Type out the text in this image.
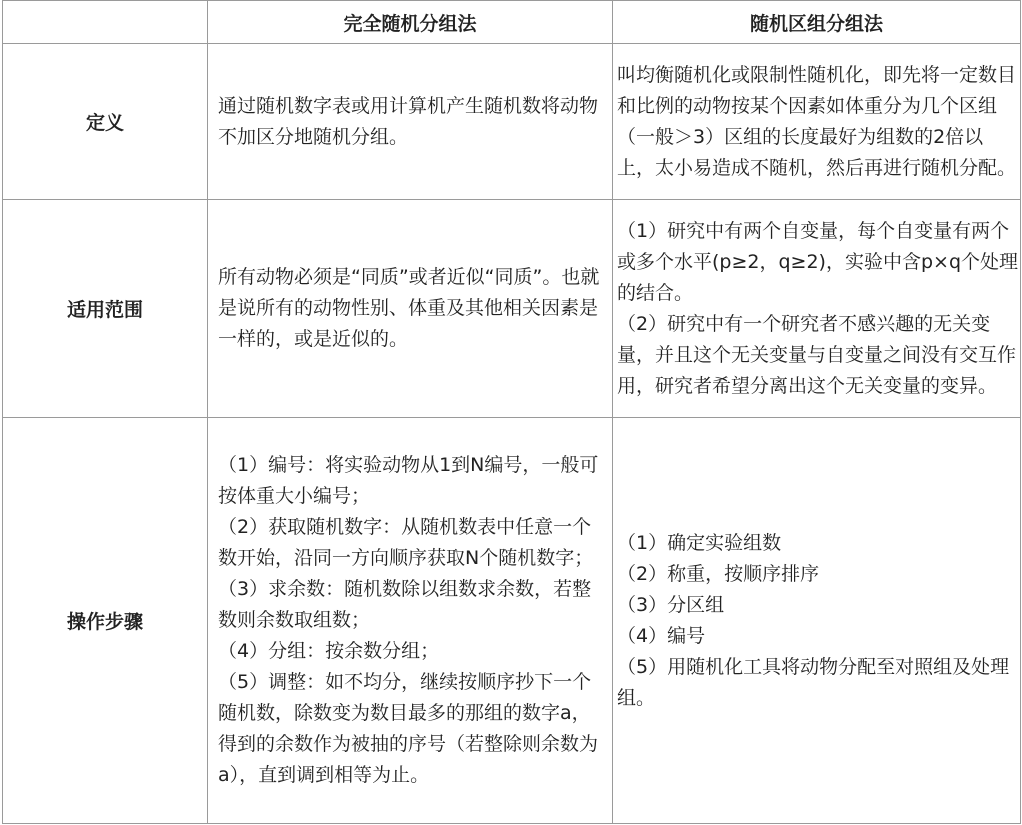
	完全随机分组法	随机区组分组法
定义	通过随机数字表或用计算机产生随机数将动物不加区分地随机分组。	叫均衡随机化或限制性随机化，即先将一定数目和比例的动物按某个因素如体重分为几个区组（一般＞3）区组的长度最好为组数的2倍以上，太小易造成不随机，然后再进行随机分配。

适用范围	所有动物必须是“同质”或者近似“同质”。也就是说所有的动物性别、体重及其他相关因素是一样的，或是近似的。	（1）研究中有两个自变量，每个自变量有两个或多个水平(p≥2，q≥2)，实验中含p×q个处理的结合。
（2）研究中有一个研究者不感兴趣的无关变量，并且这个无关变量与自变量之间没有交互作用，研究者希望分离出这个无关变量的变异。

操作步骤	（1）编号：将实验动物从1到N编号，一般可按体重大小编号；
（2）获取随机数字：从随机数表中任意一个数开始，沿同一方向顺序获取N个随机数字；
（3）求余数：随机数除以组数求余数，若整数则余数取组数；
（4）分组：按余数分组；
（5）调整：如不均分，继续按顺序抄下一个随机数，除数变为数目最多的那组的数字a，得到的余数作为被抽的序号（若整除则余数为a），直到调到相等为止。	（1）确定实验组数
（2）称重，按顺序排序
（3）分区组
（4）编号
（5）用随机化工具将动物分配至对照组及处理组。
